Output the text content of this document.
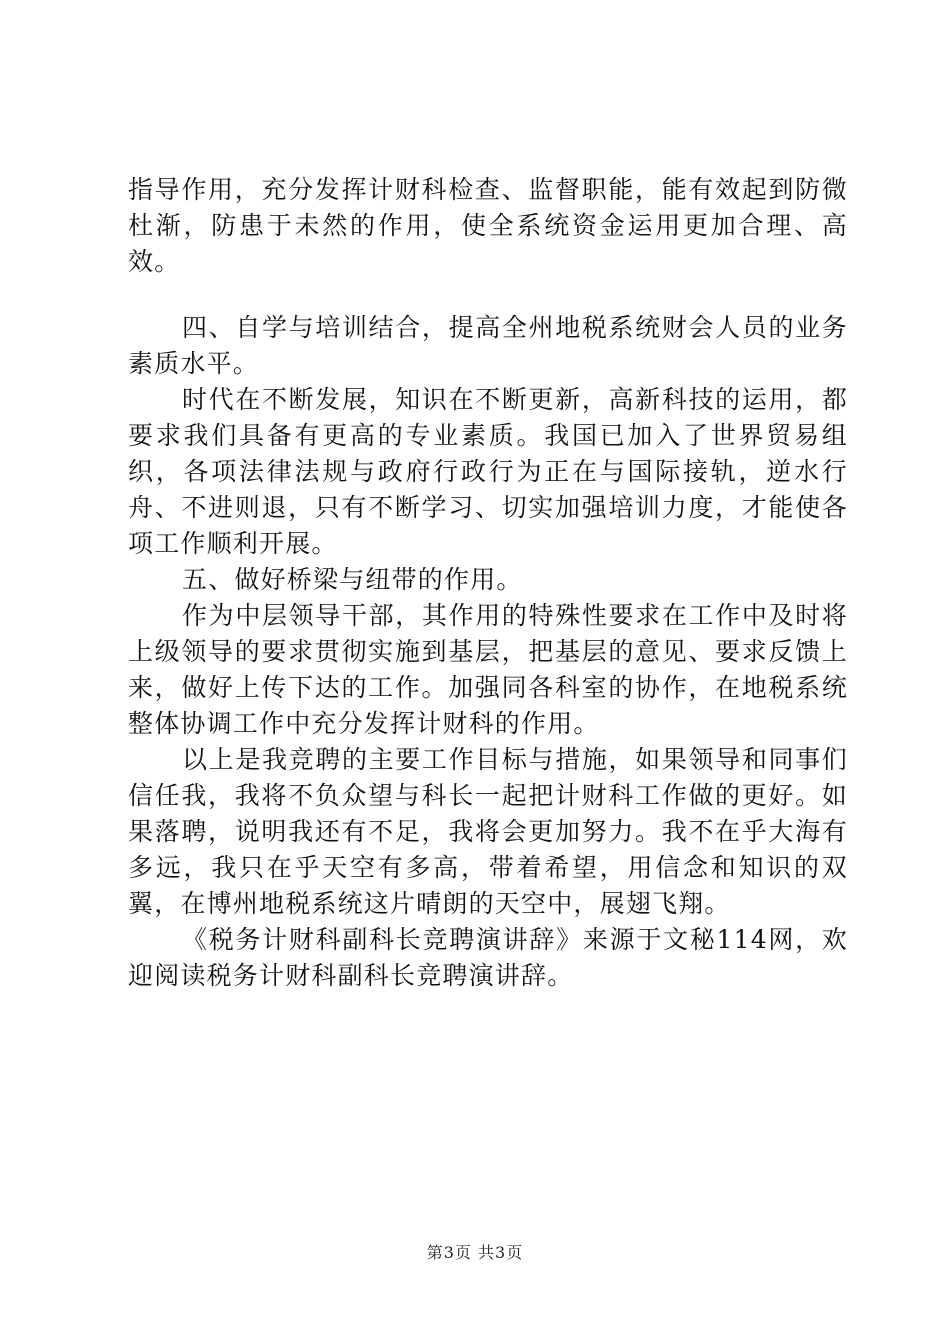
指导作用，充分发挥计财科检查、监督职能，能有效起到防微杜渐，防患于未然的作用，使全系统资金运用更加合理、高效。

四、自学与培训结合，提高全州地税系统财会人员的业务素质水平。

时代在不断发展，知识在不断更新，高新科技的运用，都要求我们具备有更高的专业素质。我国已加入了世界贸易组织，各项法律法规与政府行政行为正在与国际接轨，逆水行舟、不进则退，只有不断学习、切实加强培训力度，才能使各项工作顺利开展。

五、做好桥梁与纽带的作用。

作为中层领导干部，其作用的特殊性要求在工作中及时将上级领导的要求贯彻实施到基层，把基层的意见、要求反馈上来，做好上传下达的工作。加强同各科室的协作，在地税系统整体协调工作中充分发挥计财科的作用。

以上是我竞聘的主要工作目标与措施，如果领导和同事们信任我，我将不负众望与科长一起把计财科工作做的更好。如果落聘，说明我还有不足，我将会更加努力。我不在乎大海有多远，我只在乎天空有多高，带着希望，用信念和知识的双翼，在博州地税系统这片晴朗的天空中，展翅飞翔。

《税务计财科副科长竞聘演讲辞》来源于文秘114网，欢迎阅读税务计财科副科长竞聘演讲辞。

第3页 共3页
